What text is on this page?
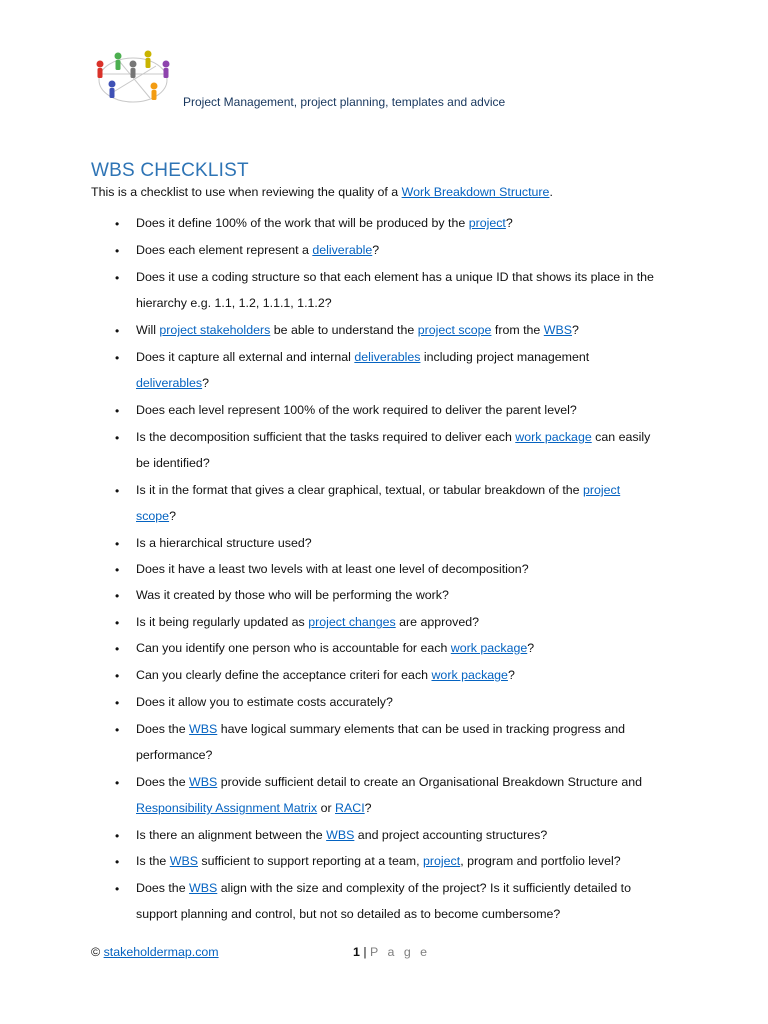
Project Management, project planning, templates and advice
WBS CHECKLIST
This is a checklist to use when reviewing the quality of a Work Breakdown Structure.
• Does it define 100% of the work that will be produced by the project?
• Does each element represent a deliverable?
• Does it use a coding structure so that each element has a unique ID that shows its place in the
hierarchy e.g. 1.1, 1.2, 1.1.1, 1.1.2?
• Will project stakeholders be able to understand the project scope from the WBS?
• Does it capture all external and internal deliverables including project management
deliverables?
• Does each level represent 100% of the work required to deliver the parent level?
• Is the decomposition sufficient that the tasks required to deliver each work package can easily
be identified?
• Is it in the format that gives a clear graphical, textual, or tabular breakdown of the project
scope?
• Is a hierarchical structure used?
• Does it have a least two levels with at least one level of decomposition?
• Was it created by those who will be performing the work?
• Is it being regularly updated as project changes are approved?
• Can you identify one person who is accountable for each work package?
• Can you clearly define the acceptance criteri for each work package?
• Does it allow you to estimate costs accurately?
• Does the WBS have logical summary elements that can be used in tracking progress and
performance?
• Does the WBS provide sufficient detail to create an Organisational Breakdown Structure and
Responsibility Assignment Matrix or RACI?
• Is there an alignment between the WBS and project accounting structures?
• Is the WBS sufficient to support reporting at a team, project, program and portfolio level?
• Does the WBS align with the size and complexity of the project? Is it sufficiently detailed to
support planning and control, but not so detailed as to become cumbersome?
© stakeholdermap.com	1 | P a g e
